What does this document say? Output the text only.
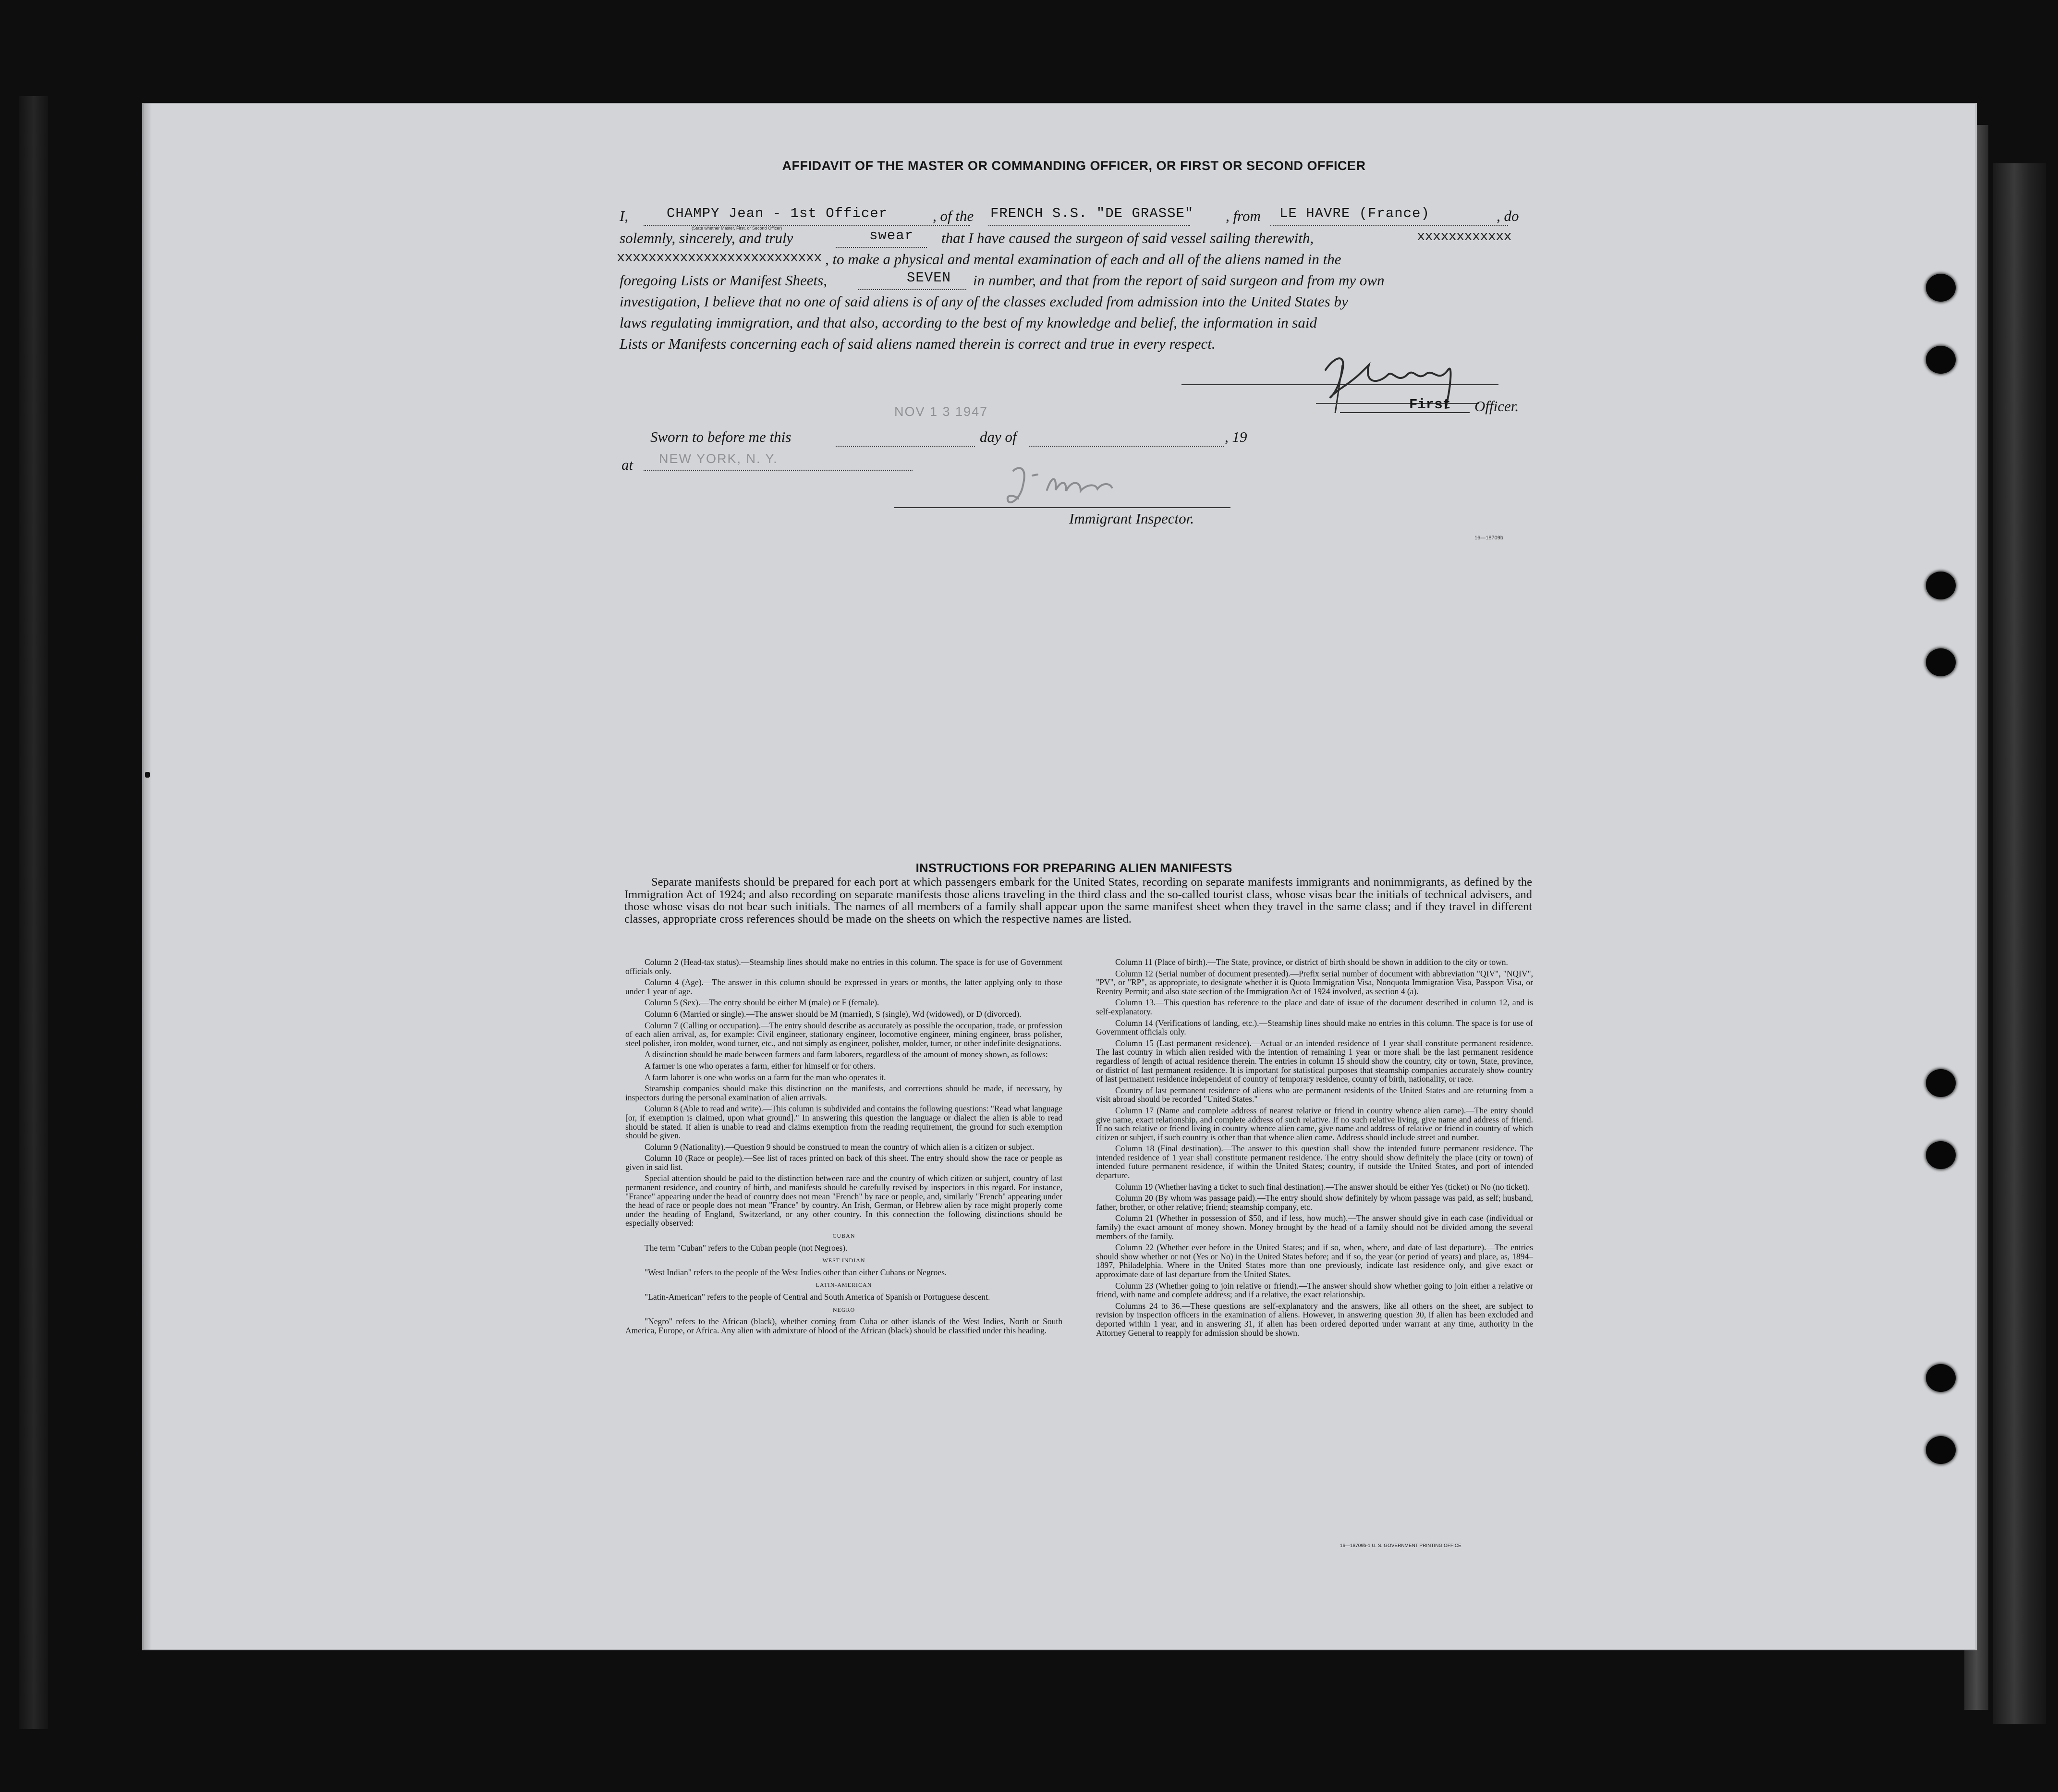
AFFIDAVIT OF THE MASTER OR COMMANDING OFFICER, OR FIRST OR SECOND OFFICER
I,	CHAMPY Jean - 1st Officer	, of the FRENCH S.S. "DE GRASSE" , from LE HAVRE (France)	, do
(State whether Master, First, or Second Officer)
solemnly, sincerely, and truly	swear that I have caused the surgeon of said vessel sailing therewith,	xxxxxxxxxxxx
xxxxxxxxxxxxxxxxxxxxxxxxxx , to make a physical and mental examination of each and all of the aliens named in the
foregoing Lists or Manifest Sheets,	SEVEN in number, and that from the report of said surgeon and from my own
investigation, I believe that no one of said aliens is of any of the classes excluded from admission into the United States by
laws regulating immigration, and that also, according to the best of my knowledge and belief, the information in said
Lists or Manifests concerning each of said aliens named therein is correct and true in every respect.
First Officer.
Sworn to before me this
NOV 1 3 1947
day of	, 19
at NEW YORK, N. Y.
Immigrant Inspector.
16—18709b
INSTRUCTIONS FOR PREPARING ALIEN MANIFESTS
Separate manifests should be prepared for each port at which passengers embark for the United States, recording on separate manifests immigrants and nonimmigrants, as defined by the Immigration Act of 1924; and also recording on separate manifests those aliens traveling in the third class and the so-called tourist class, whose visas bear the initials of technical advisers, and those whose visas do not bear such initials. The names of all members of a family shall appear upon the same manifest sheet when they travel in the same class; and if they travel in different classes, appropriate cross references should be made on the sheets on which the respective names are listed.

Column 2 (Head-tax status).—Steamship lines should make no entries in this column. The space is for use of Government officials only.

Column 4 (Age).—The answer in this column should be expressed in years or months, the latter applying only to those under 1 year of age.

Column 5 (Sex).—The entry should be either M (male) or F (female).

Column 6 (Married or single).—The answer should be M (married), S (single), Wd (widowed), or D (divorced).

Column 7 (Calling or occupation).—The entry should describe as accurately as possible the occupation, trade, or profession of each alien arrival, as, for example: Civil engineer, stationary engineer, locomotive engineer, mining engineer, brass polisher, steel polisher, iron molder, wood turner, etc., and not simply as engineer, polisher, molder, turner, or other indefinite designations.

A distinction should be made between farmers and farm laborers, regardless of the amount of money shown, as follows:

A farmer is one who operates a farm, either for himself or for others.

A farm laborer is one who works on a farm for the man who operates it.

Steamship companies should make this distinction on the manifests, and corrections should be made, if necessary, by inspectors during the personal examination of alien arrivals.

Column 8 (Able to read and write).—This column is subdivided and contains the following questions: "Read what language [or, if exemption is claimed, upon what ground]." In answering this question the language or dialect the alien is able to read should be stated. If alien is unable to read and claims exemption from the reading requirement, the ground for such exemption should be given.

Column 9 (Nationality).—Question 9 should be construed to mean the country of which alien is a citizen or subject.

Column 10 (Race or people).—See list of races printed on back of this sheet. The entry should show the race or people as given in said list.

Special attention should be paid to the distinction between race and the country of which citizen or subject, country of last permanent residence, and country of birth, and manifests should be carefully revised by inspectors in this regard. For instance, "France" appearing under the head of country does not mean "French" by race or people, and, similarly "French" appearing under the head of race or people does not mean "France" by country. An Irish, German, or Hebrew alien by race might properly come under the heading of England, Switzerland, or any other country. In this connection the following distinctions should be especially observed:

CUBAN

The term "Cuban" refers to the Cuban people (not Negroes).

WEST INDIAN

"West Indian" refers to the people of the West Indies other than either Cubans or Negroes.

LATIN-AMERICAN

"Latin-American" refers to the people of Central and South America of Spanish or Portuguese descent.

NEGRO

"Negro" refers to the African (black), whether coming from Cuba or other islands of the West Indies, North or South America, Europe, or Africa. Any alien with admixture of blood of the African (black) should be classified under this heading.

Column 11 (Place of birth).—The State, province, or district of birth should be shown in addition to the city or town.

Column 12 (Serial number of document presented).—Prefix serial number of document with abbreviation "QIV", "NQIV", "PV", or "RP", as appropriate, to designate whether it is Quota Immigration Visa, Nonquota Immigration Visa, Passport Visa, or Reentry Permit; and also state section of the Immigration Act of 1924 involved, as section 4 (a).

Column 13.—This question has reference to the place and date of issue of the document described in column 12, and is self-explanatory.

Column 14 (Verifications of landing, etc.).—Steamship lines should make no entries in this column. The space is for use of Government officials only.

Column 15 (Last permanent residence).—Actual or an intended residence of 1 year shall constitute permanent residence. The last country in which alien resided with the intention of remaining 1 year or more shall be the last permanent residence regardless of length of actual residence therein. The entries in column 15 should show the country, city or town, State, province, or district of last permanent residence. It is important for statistical purposes that steamship companies accurately show country of last permanent residence independent of country of temporary residence, country of birth, nationality, or race.

Country of last permanent residence of aliens who are permanent residents of the United States and are returning from a visit abroad should be recorded "United States."

Column 17 (Name and complete address of nearest relative or friend in country whence alien came).—The entry should give name, exact relationship, and complete address of such relative. If no such relative living, give name and address of friend. If no such relative or friend living in country whence alien came, give name and address of relative or friend in country of which citizen or subject, if such country is other than that whence alien came. Address should include street and number.

Column 18 (Final destination).—The answer to this question shall show the intended future permanent residence. The intended residence of 1 year shall constitute permanent residence. The entry should show definitely the place (city or town) of intended future permanent residence, if within the United States; country, if outside the United States, and port of intended departure.

Column 19 (Whether having a ticket to such final destination).—The answer should be either Yes (ticket) or No (no ticket).

Column 20 (By whom was passage paid).—The entry should show definitely by whom passage was paid, as self; husband, father, brother, or other relative; friend; steamship company, etc.

Column 21 (Whether in possession of $50, and if less, how much).—The answer should give in each case (individual or family) the exact amount of money shown. Money brought by the head of a family should not be divided among the several members of the family.

Column 22 (Whether ever before in the United States; and if so, when, where, and date of last departure).—The entries should show whether or not (Yes or No) in the United States before; and if so, the year (or period of years) and place, as, 1894–1897, Philadelphia. Where in the United States more than one previously, indicate last residence only, and give exact or approximate date of last departure from the United States.

Column 23 (Whether going to join relative or friend).—The answer should show whether going to join either a relative or friend, with name and complete address; and if a relative, the exact relationship.

Columns 24 to 36.—These questions are self-explanatory and the answers, like all others on the sheet, are subject to revision by inspection officers in the examination of aliens. However, in answering question 30, if alien has been excluded and deported within 1 year, and in answering 31, if alien has been ordered deported under warrant at any time, authority in the Attorney General to reapply for admission should be shown.

16—18709b-1 U. S. GOVERNMENT PRINTING OFFICE
